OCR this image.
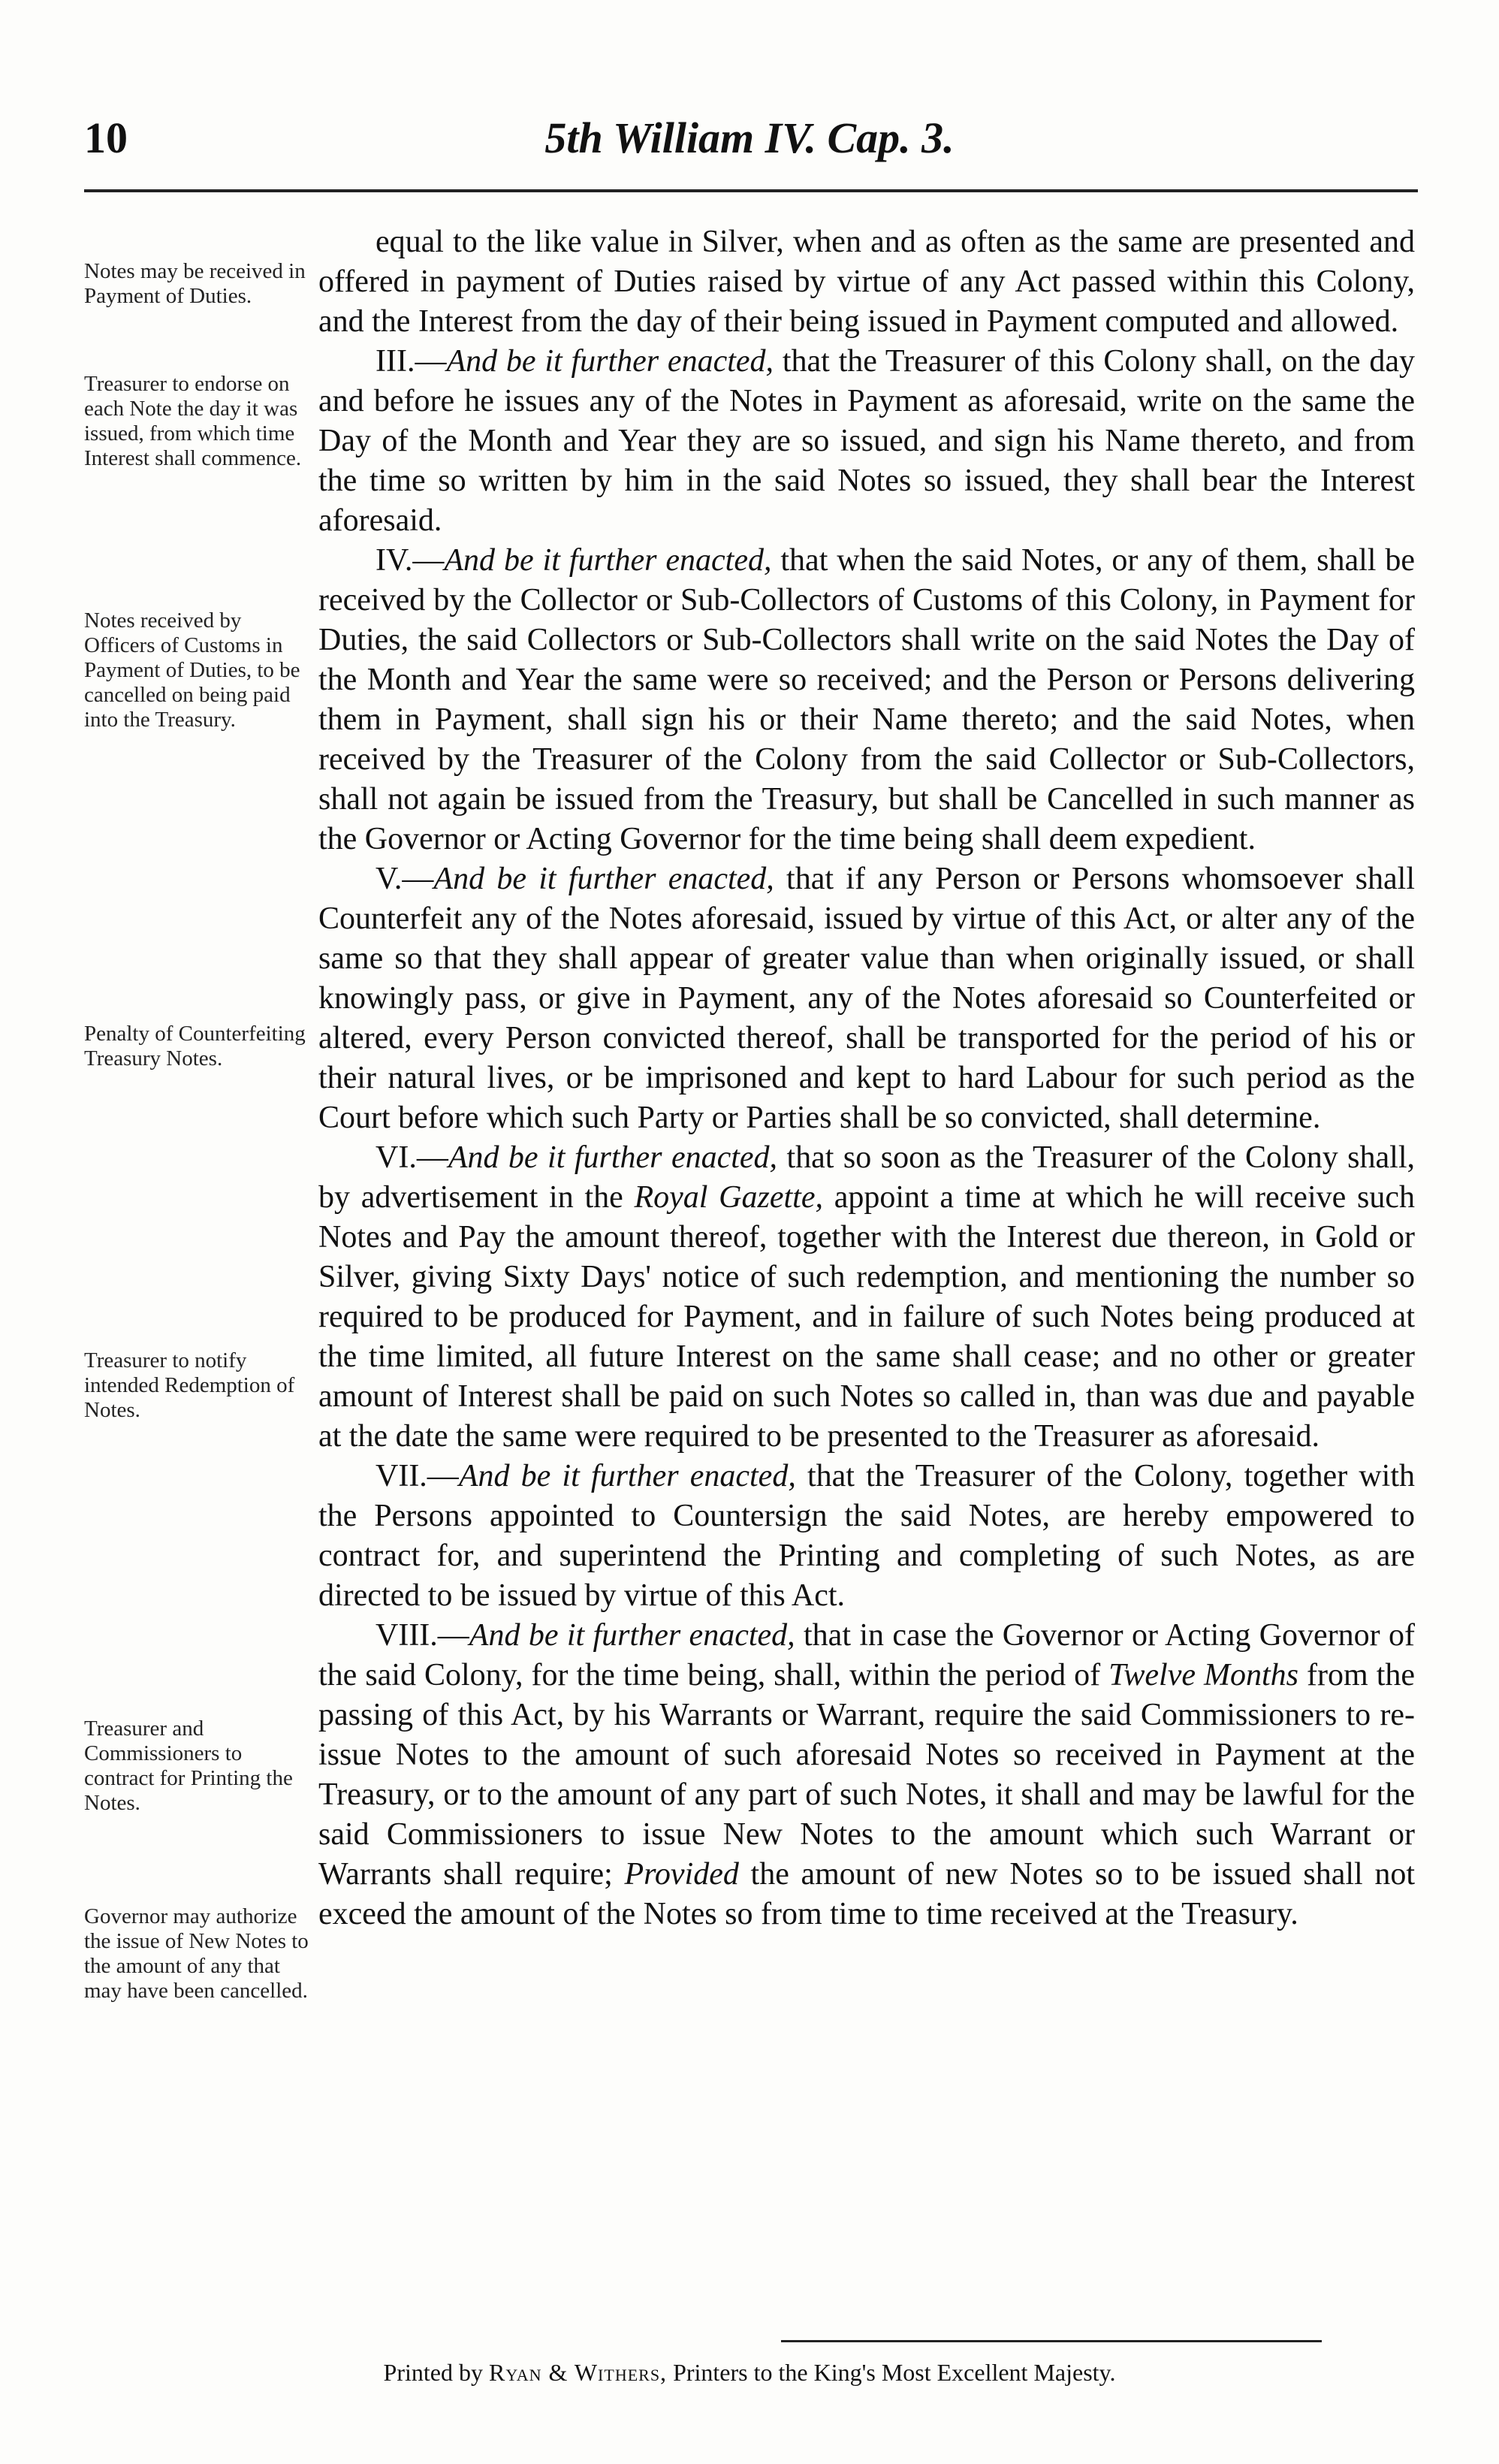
10	5th William IV. Cap. 3.
Notes may be received in Payment of Duties.
Treasurer to endorse on each Note the day it was issued, from which time Interest shall commence.
Notes received by Officers of Customs in Payment of Duties, to be cancelled on being paid into the Treasury.
Penalty of Counterfeiting Treasury Notes.
Treasurer to notify intended Redemption of Notes.
Treasurer and Commissioners to contract for Printing the Notes.
Governor may authorize the issue of New Notes to the amount of any that may have been cancelled.

equal to the like value in Silver, when and as often as the same are presented and offered in payment of Duties raised by virtue of any Act passed within this Colony, and the Interest from the day of their being issued in Payment computed and allowed.

III.—And be it further enacted, that the Treasurer of this Colony shall, on the day and before he issues any of the Notes in Payment as aforesaid, write on the same the Day of the Month and Year they are so issued, and sign his Name thereto, and from the time so written by him in the said Notes so issued, they shall bear the Interest aforesaid.

IV.—And be it further enacted, that when the said Notes, or any of them, shall be received by the Collector or Sub-Collectors of Customs of this Colony, in Payment for Duties, the said Collectors or Sub-Collectors shall write on the said Notes the Day of the Month and Year the same were so received; and the Person or Persons delivering them in Payment, shall sign his or their Name thereto; and the said Notes, when received by the Treasurer of the Colony from the said Collector or Sub-Collectors, shall not again be issued from the Treasury, but shall be Cancelled in such manner as the Governor or Acting Governor for the time being shall deem expedient.

V.—And be it further enacted, that if any Person or Persons whomsoever shall Counterfeit any of the Notes aforesaid, issued by virtue of this Act, or alter any of the same so that they shall appear of greater value than when originally issued, or shall knowingly pass, or give in Payment, any of the Notes aforesaid so Counterfeited or altered, every Person convicted thereof, shall be transported for the period of his or their natural lives, or be imprisoned and kept to hard Labour for such period as the Court before which such Party or Parties shall be so convicted, shall determine.

VI.—And be it further enacted, that so soon as the Treasurer of the Colony shall, by advertisement in the Royal Gazette, appoint a time at which he will receive such Notes and Pay the amount thereof, together with the Interest due thereon, in Gold or Silver, giving Sixty Days' notice of such redemption, and mentioning the number so required to be produced for Payment, and in failure of such Notes being produced at the time limited, all future Interest on the same shall cease; and no other or greater amount of Interest shall be paid on such Notes so called in, than was due and payable at the date the same were required to be presented to the Treasurer as aforesaid.

VII.—And be it further enacted, that the Treasurer of the Colony, together with the Persons appointed to Countersign the said Notes, are hereby empowered to contract for, and superintend the Printing and completing of such Notes, as are directed to be issued by virtue of this Act.

VIII.—And be it further enacted, that in case the Governor or Acting Governor of the said Colony, for the time being, shall, within the period of Twelve Months from the passing of this Act, by his Warrants or Warrant, require the said Commissioners to re-issue Notes to the amount of such aforesaid Notes so received in Payment at the Treasury, or to the amount of any part of such Notes, it shall and may be lawful for the said Commissioners to issue New Notes to the amount which such Warrant or Warrants shall require; Provided the amount of new Notes so to be issued shall not exceed the amount of the Notes so from time to time received at the Treasury.

Printed by Ryan & Withers, Printers to the King's Most Excellent Majesty.
